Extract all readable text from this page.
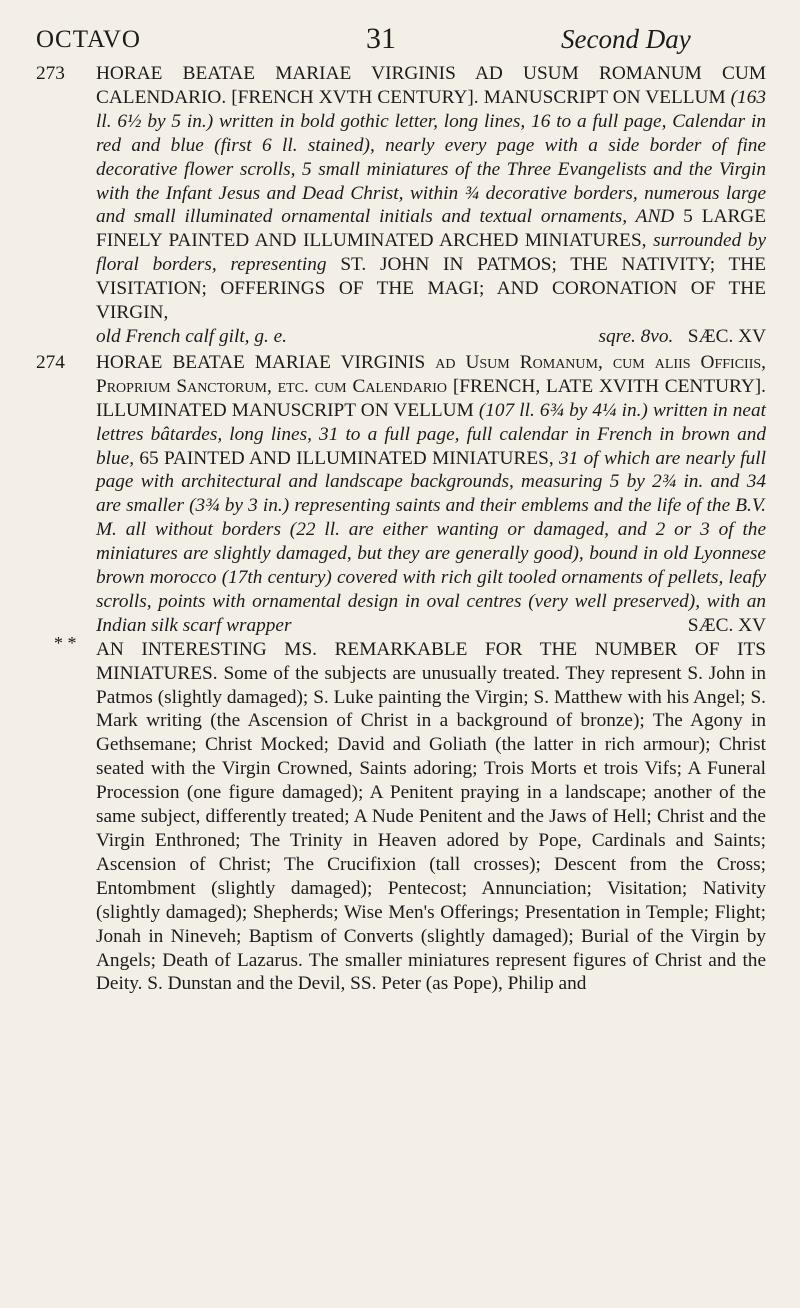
OCTAVO	31	Second Day
273 HORAE BEATAE MARIAE VIRGINIS AD USUM ROMANUM CUM CALENDARIO. [FRENCH XVTH CENTURY]. MANUSCRIPT ON VELLUM (163 ll. 6½ by 5 in.) written in bold gothic letter, long lines, 16 to a full page, Calendar in red and blue (first 6 ll. stained), nearly every page with a side border of fine decorative flower scrolls, 5 small miniatures of the Three Evangelists and the Virgin with the Infant Jesus and Dead Christ, within ¾ decorative borders, numerous large and small illuminated ornamental initials and textual ornaments, AND 5 LARGE FINELY PAINTED AND ILLUMINATED ARCHED MINIATURES, surrounded by floral borders, representing ST. JOHN IN PATMOS; THE NATIVITY; THE VISITATION; OFFERINGS OF THE MAGI; AND CORONATION OF THE VIRGIN,
old French calf gilt, g. e.	sqre. 8vo. SÆC. XV

274 HORAE BEATAE MARIAE VIRGINIS ad Usum Romanum, cum aliis Officiis, Proprium Sanctorum, etc. cum Calendario [FRENCH, LATE XVITH CENTURY]. ILLUMINATED MANUSCRIPT ON VELLUM (107 ll. 6¾ by 4¼ in.) written in neat lettres bâtardes, long lines, 31 to a full page, full calendar in French in brown and blue, 65 PAINTED AND ILLUMINATED MINIATURES, 31 of which are nearly full page with architectural and landscape backgrounds, measuring 5 by 2¾ in. and 34 are smaller (3¾ by 3 in.) representing saints and their emblems and the life of the B.V. M. all without borders (22 ll. are either wanting or damaged, and 2 or 3 of the miniatures are slightly damaged, but they are generally good), bound in old Lyonnese brown morocco (17th century) covered with rich gilt tooled ornaments of pellets, leafy scrolls, points with ornamental design in oval centres (very well preserved), with an Indian silk scarf wrapper	SÆC. XV

* * AN INTERESTING MS. REMARKABLE FOR THE NUMBER OF ITS MINIATURES. Some of the subjects are unusually treated. They represent S. John in Patmos (slightly damaged); S. Luke painting the Virgin; S. Matthew with his Angel; S. Mark writing (the Ascension of Christ in a background of bronze); The Agony in Gethsemane; Christ Mocked; David and Goliath (the latter in rich armour); Christ seated with the Virgin Crowned, Saints adoring; Trois Morts et trois Vifs; A Funeral Procession (one figure damaged); A Penitent praying in a landscape; another of the same subject, differently treated; A Nude Penitent and the Jaws of Hell; Christ and the Virgin Enthroned; The Trinity in Heaven adored by Pope, Cardinals and Saints; Ascension of Christ; The Crucifixion (tall crosses); Descent from the Cross; Entombment (slightly damaged); Pentecost; Annunciation; Visitation; Nativity (slightly damaged); Shepherds; Wise Men's Offerings; Presentation in Temple; Flight; Jonah in Nineveh; Baptism of Converts (slightly damaged); Burial of the Virgin by Angels; Death of Lazarus. The smaller miniatures represent figures of Christ and the Deity. S. Dunstan and the Devil, SS. Peter (as Pope), Philip and
